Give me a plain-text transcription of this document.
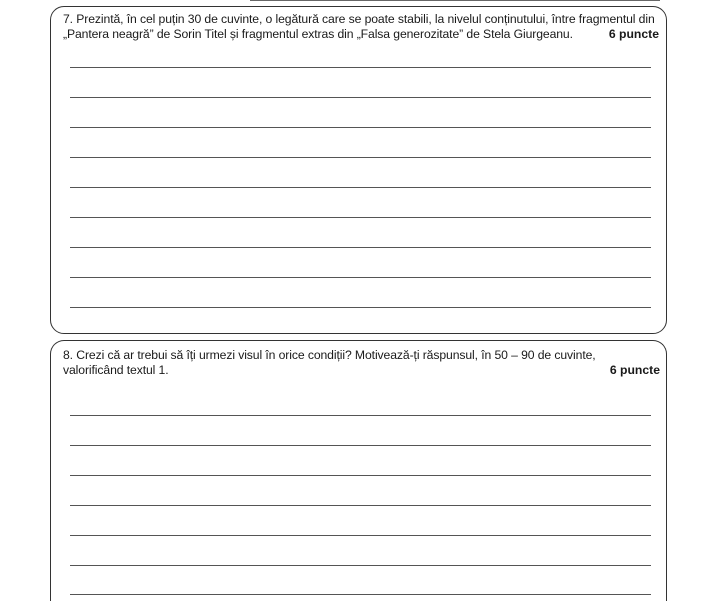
7. Prezintă, în cel puțin 30 de cuvinte, o legătură care se poate stabili, la nivelul conținutului, între fragmentul din
„Pantera neagră” de Sorin Titel și fragmentul extras din „Falsa generozitate” de Stela Giurgeanu.	6 puncte
8. Crezi că ar trebui să îți urmezi visul în orice condiții? Motivează-ți răspunsul, în 50 – 90 de cuvinte,
valorificând textul 1.	6 puncte
